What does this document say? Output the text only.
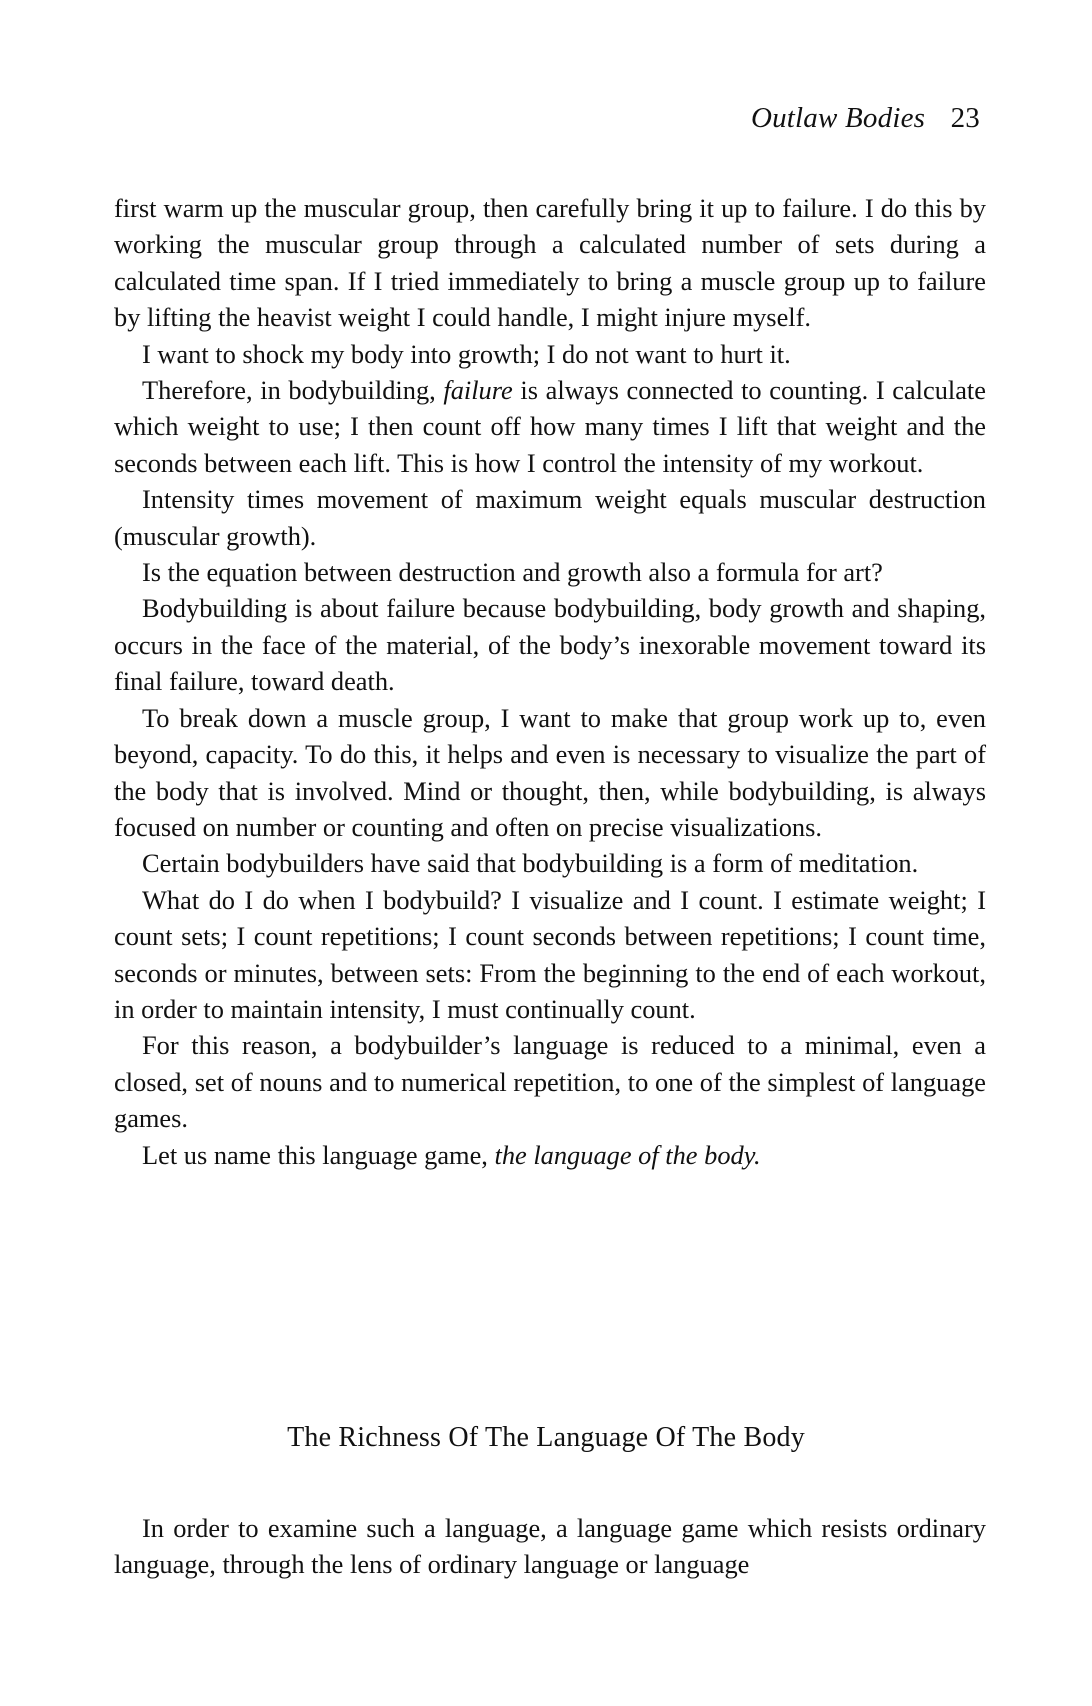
Outlaw Bodies 23

first warm up the muscular group, then carefully bring it up to failure. I do this by working the muscular group through a calculated number of sets during a calculated time span. If I tried immediately to bring a muscle group up to failure by lifting the heavist weight I could handle, I might injure myself.

I want to shock my body into growth; I do not want to hurt it.

Therefore, in bodybuilding, failure is always connected to counting. I calculate which weight to use; I then count off how many times I lift that weight and the seconds between each lift. This is how I control the intensity of my workout.

Intensity times movement of maximum weight equals muscular destruction (muscular growth).

Is the equation between destruction and growth also a formula for art?

Bodybuilding is about failure because bodybuilding, body growth and shaping, occurs in the face of the material, of the body’s inexorable movement toward its final failure, toward death.

To break down a muscle group, I want to make that group work up to, even beyond, capacity. To do this, it helps and even is necessary to visualize the part of the body that is involved. Mind or thought, then, while bodybuilding, is always focused on number or counting and often on precise visualizations.

Certain bodybuilders have said that bodybuilding is a form of meditation.

What do I do when I bodybuild? I visualize and I count. I estimate weight; I count sets; I count repetitions; I count seconds between repetitions; I count time, seconds or minutes, between sets: From the beginning to the end of each workout, in order to maintain intensity, I must continually count.

For this reason, a bodybuilder’s language is reduced to a minimal, even a closed, set of nouns and to numerical repetition, to one of the simplest of language games.

Let us name this language game, the language of the body.

The Richness Of The Language Of The Body

In order to examine such a language, a language game which resists ordinary language, through the lens of ordinary language or language
